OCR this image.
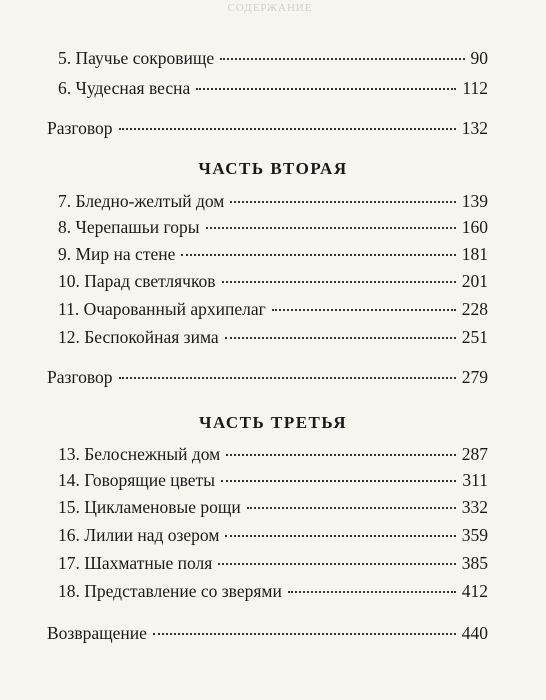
СОДЕРЖАНИЕ
5. Паучье сокровище	90
6. Чудесная весна	112
Разговор	132
ЧАСТЬ ВТОРАЯ
7. Бледно-желтый дом	139
8. Черепашьи горы	160
9. Мир на стене	181
10. Парад светлячков	201
11. Очарованный архипелаг	228
12. Беспокойная зима	251
Разговор	279
ЧАСТЬ ТРЕТЬЯ
13. Белоснежный дом	287
14. Говорящие цветы	311
15. Цикламеновые рощи	332
16. Лилии над озером	359
17. Шахматные поля	385
18. Представление со зверями	412
Возвращение	440
